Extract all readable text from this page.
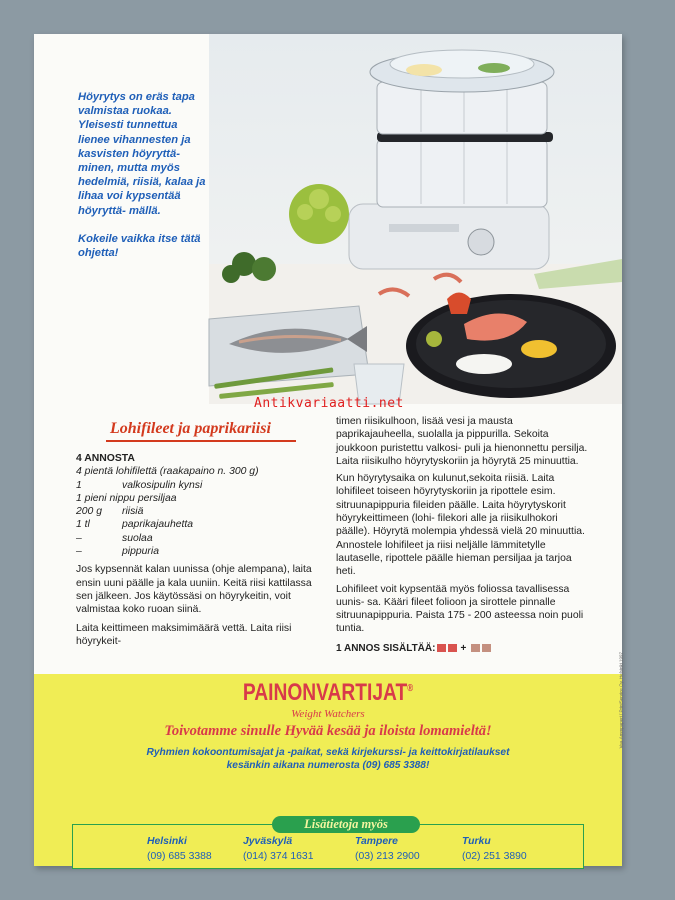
Höyrytys on eräs tapa valmistaa ruokaa. Yleisesti tunnettua lienee vihannesten ja kasvisten höyryttä- minen, mutta myös hedelmiä, riisiä, kalaa ja lihaa voi kypsentää höyryttä- mällä.

Kokeile vaikka itse tätä ohjetta!

Antikvariaatti.net
Lohifileet ja paprikariisi
4 ANNOSTA
4 pientä lohifilettä (raakapaino n. 300 g)
1	valkosipulin kynsi
1 pieni nippu persiljaa
200 g	riisiä
1 tl	paprikajauhetta
–	suolaa
–	pippuria
Jos kypsennät kalan uunissa (ohje alempana), laita ensin uuni päälle ja kala uuniin. Keitä riisi kattilassa sen jälkeen. Jos käytössäsi on höyrykeitin, voit valmistaa koko ruoan siinä.
Laita keittimeen maksimimäärä vettä. Laita riisi höyrykeit-
timen riisikulhoon, lisää vesi ja mausta paprikajauheella, suolalla ja pippurilla. Sekoita joukkoon puristettu valkosi- puli ja hienonnettu persilja. Laita riisikulho höyrytyskoriin ja höyrytä 25 minuuttia.
Kun höyrytysaika on kulunut,sekoita riisiä. Laita lohifileet toiseen höyrytyskoriin ja ripottele esim. sitruunapippuria fileiden päälle. Laita höyrytyskorit höyrykeittimeen (lohi- filekori alle ja riisikulhokori päälle). Höyrytä molempia yhdessä vielä 20 minuuttia. Annostele lohifileet ja riisi neljälle lämmitetylle lautaselle, ripottele päälle hieman persiljaa ja tarjoa heti.
Lohifileet voit kypsentää myös foliossa tavallisessa uunis- sa. Kääri fileet folioon ja sirottele pinnalle sitruunapippuria. Paista 175 - 200 asteessa noin puoli tuntia.
1 ANNOS SISÄLTÄÄ:	+
PAINONVARTIJAT®
Weight Watchers
Toivotamme sinulle Hyvää kesää ja iloista lomamieltä!
Ryhmien kokoontumisajat ja -paikat, sekä kirjekurssi- ja keittokirjatilaukset
kesänkin aikana numerosta (09) 685 3388!
Lisätietoja myös
Helsinki
(09) 685 3388
Jyväskylä
(014) 374 1631
Tampere
(03) 213 2900
Turku
(02) 251 3890
Vaa-Ammpaperi / PrintService Oy, Helsinki 1997
